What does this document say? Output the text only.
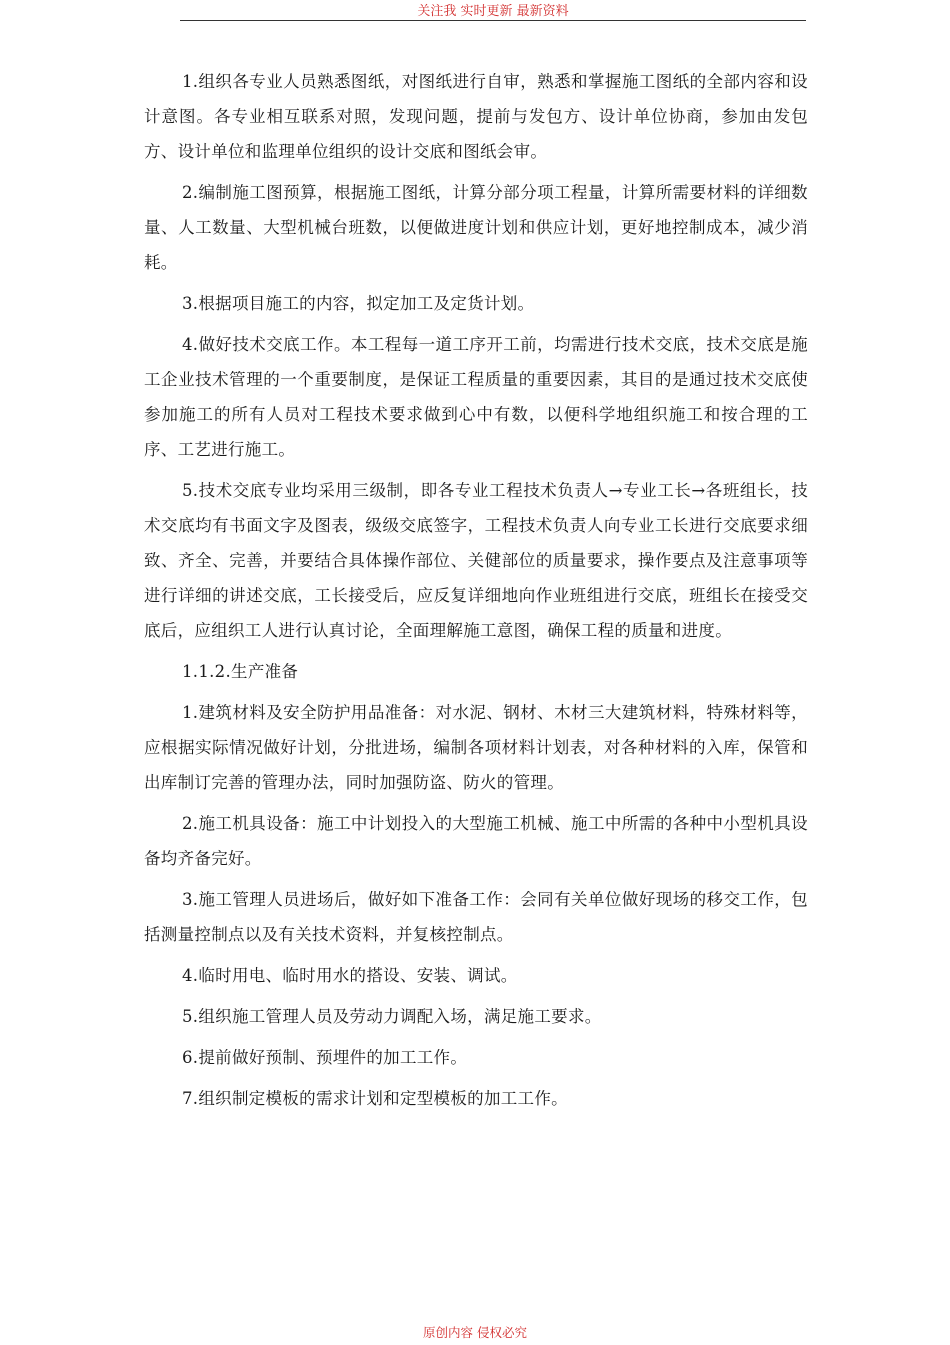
关注我 实时更新 最新资料

1.组织各专业人员熟悉图纸，对图纸进行自审，熟悉和掌握施工图纸的全部内容和设计意图。各专业相互联系对照，发现问题，提前与发包方、设计单位协商，参加由发包方、设计单位和监理单位组织的设计交底和图纸会审。

2.编制施工图预算，根据施工图纸，计算分部分项工程量，计算所需要材料的详细数量、人工数量、大型机械台班数，以便做进度计划和供应计划，更好地控制成本，减少消耗。

3.根据项目施工的内容，拟定加工及定货计划。

4.做好技术交底工作。本工程每一道工序开工前，均需进行技术交底，技术交底是施工企业技术管理的一个重要制度，是保证工程质量的重要因素，其目的是通过技术交底使参加施工的所有人员对工程技术要求做到心中有数，以便科学地组织施工和按合理的工序、工艺进行施工。

5.技术交底专业均采用三级制，即各专业工程技术负责人→专业工长→各班组长，技术交底均有书面文字及图表，级级交底签字，工程技术负责人向专业工长进行交底要求细致、齐全、完善，并要结合具体操作部位、关健部位的质量要求，操作要点及注意事项等进行详细的讲述交底，工长接受后，应反复详细地向作业班组进行交底，班组长在接受交底后，应组织工人进行认真讨论，全面理解施工意图，确保工程的质量和进度。

1.1.2.生产准备

1.建筑材料及安全防护用品准备：对水泥、钢材、木材三大建筑材料，特殊材料等，应根据实际情况做好计划，分批进场，编制各项材料计划表，对各种材料的入库，保管和出库制订完善的管理办法，同时加强防盗、防火的管理。

2.施工机具设备：施工中计划投入的大型施工机械、施工中所需的各种中小型机具设备均齐备完好。

3.施工管理人员进场后，做好如下准备工作：会同有关单位做好现场的移交工作，包括测量控制点以及有关技术资料，并复核控制点。

4.临时用电、临时用水的搭设、安装、调试。

5.组织施工管理人员及劳动力调配入场，满足施工要求。

6.提前做好预制、预埋件的加工工作。

7.组织制定模板的需求计划和定型模板的加工工作。

原创内容 侵权必究
